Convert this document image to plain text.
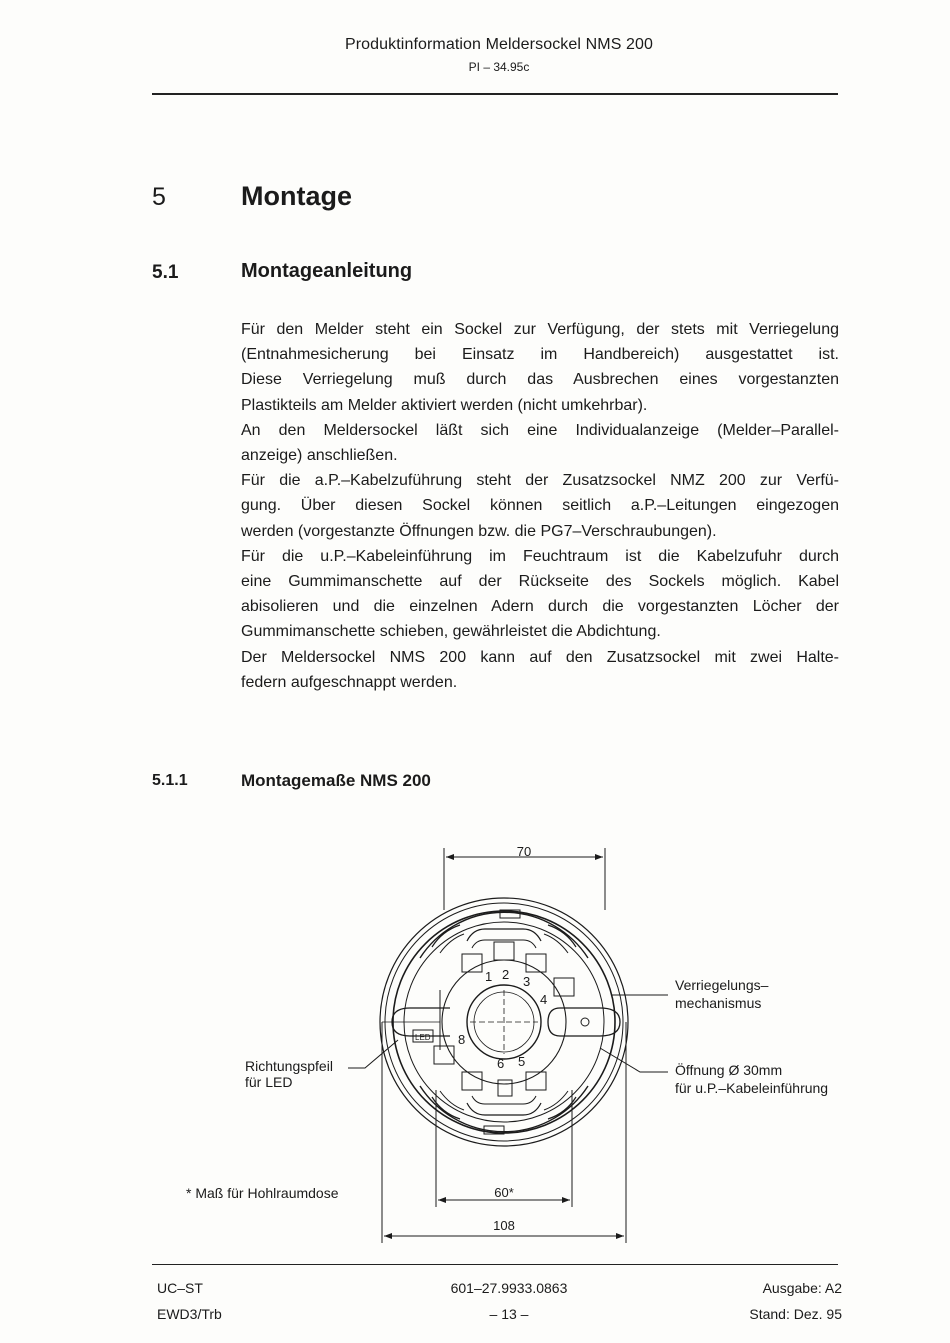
Produktinformation Meldersockel NMS 200
PI – 34.95c
5	Montage
5.1	Montageanleitung
Für den Melder steht ein Sockel zur Verfügung, der stets mit Verriegelung
(Entnahmesicherung bei Einsatz im Handbereich) ausgestattet ist.
Diese Verriegelung muß durch das Ausbrechen eines vorgestanzten
Plastikteils am Melder aktiviert werden (nicht umkehrbar).
An den Meldersockel läßt sich eine Individualanzeige (Melder–Parallel-
anzeige) anschließen.
Für die a.P.–Kabelzuführung steht der Zusatzsockel NMZ 200 zur Verfü-
gung. Über diesen Sockel können seitlich a.P.–Leitungen eingezogen
werden (vorgestanzte Öffnungen bzw. die PG7–Verschraubungen).
Für die u.P.–Kabeleinführung im Feuchtraum ist die Kabelzufuhr durch
eine Gummimanschette auf der Rückseite des Sockels möglich. Kabel
abisolieren und die einzelnen Adern durch die vorgestanzten Löcher der
Gummimanschette schieben, gewährleistet die Abdichtung.
Der Meldersockel NMS 200 kann auf den Zusatzsockel mit zwei Halte-
federn aufgeschnappt werden.
5.1.1	Montagemaße NMS 200
70
1 2 3
4
5
6
8
LED
60*
108
Verriegelungs–
mechanismus
Richtungspfeil
für LED
Öffnung Ø 30mm
für u.P.–Kabeleinführung
* Maß für Hohlraumdose
UC–ST
EWD3/Trb
601–27.9933.0863
– 13 –
Ausgabe: A2
Stand: Dez. 95
